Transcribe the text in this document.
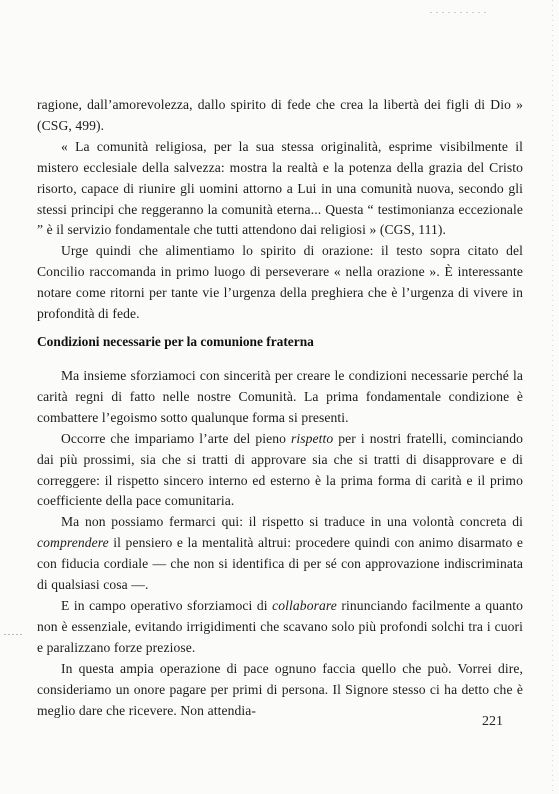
ragione, dall’amorevolezza, dallo spirito di fede che crea la libertà dei figli di Dio » (CSG, 499).

« La comunità religiosa, per la sua stessa originalità, esprime visibilmente il mistero ecclesiale della salvezza: mostra la realtà e la potenza della grazia del Cristo risorto, capace di riunire gli uomini attorno a Lui in una comunità nuova, secondo gli stessi principi che reggeranno la comunità eterna... Questa “ testimonianza eccezionale ” è il servizio fondamentale che tutti attendono dai religiosi » (CGS, 111).

Urge quindi che alimentiamo lo spirito di orazione: il testo sopra citato del Concilio raccomanda in primo luogo di perseverare « nella orazione ». È interessante notare come ritorni per tante vie l’urgenza della preghiera che è l’urgenza di vivere in profondità di fede.

Condizioni necessarie per la comunione fraterna

Ma insieme sforziamoci con sincerità per creare le condizioni necessarie perché la carità regni di fatto nelle nostre Comunità. La prima fondamentale condizione è combattere l’egoismo sotto qualunque forma si presenti.

Occorre che impariamo l’arte del pieno rispetto per i nostri fratelli, cominciando dai più prossimi, sia che si tratti di approvare sia che si tratti di disapprovare e di correggere: il rispetto sincero interno ed esterno è la prima forma di carità e il primo coefficiente della pace comunitaria.

Ma non possiamo fermarci qui: il rispetto si traduce in una volontà concreta di comprendere il pensiero e la mentalità altrui: procedere quindi con animo disarmato e con fiducia cordiale — che non si identifica di per sé con approvazione indiscriminata di qualsiasi cosa —.

E in campo operativo sforziamoci di collaborare rinunciando facilmente a quanto non è essenziale, evitando irrigidimenti che scavano solo più profondi solchi tra i cuori e paralizzano forze preziose.

In questa ampia operazione di pace ognuno faccia quello che può. Vorrei dire, consideriamo un onore pagare per primi di persona. Il Signore stesso ci ha detto che è meglio dare che ricevere. Non attendia-

221
